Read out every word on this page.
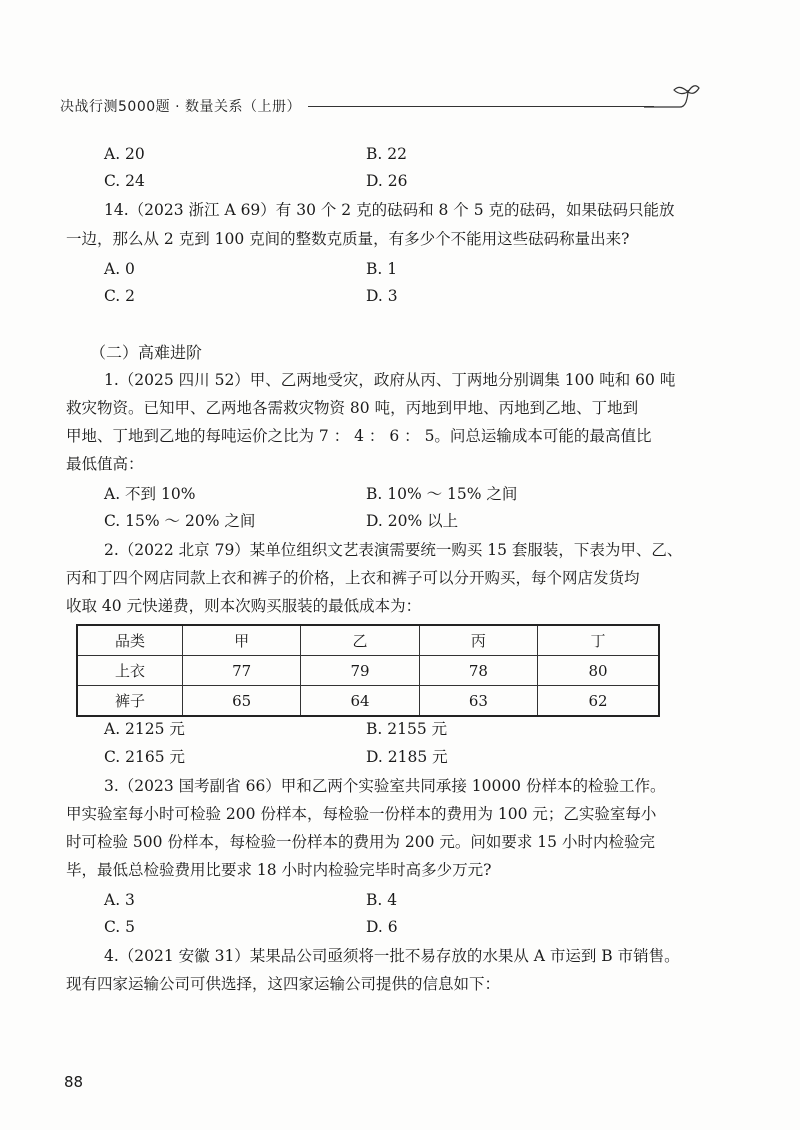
决战行测5000题 · 数量关系（上册）
A. 20	B. 22
C. 24	D. 26
14.（2023 浙江 A 69）有 30 个 2 克的砝码和 8 个 5 克的砝码，如果砝码只能放
一边，那么从 2 克到 100 克间的整数克质量，有多少个不能用这些砝码称量出来?
A. 0	B. 1
C. 2	D. 3
（二）高难进阶
1.（2025 四川 52）甲、乙两地受灾，政府从丙、丁两地分别调集 100 吨和 60 吨
救灾物资。已知甲、乙两地各需救灾物资 80 吨，丙地到甲地、丙地到乙地、丁地到
甲地、丁地到乙地的每吨运价之比为 7 ： 4 ： 6 ： 5。问总运输成本可能的最高值比
最低值高：
A. 不到 10%	B. 10% ～ 15% 之间
C. 15% ～ 20% 之间	D. 20% 以上
2.（2022 北京 79）某单位组织文艺表演需要统一购买 15 套服装，下表为甲、乙、
丙和丁四个网店同款上衣和裤子的价格，上衣和裤子可以分开购买，每个网店发货均
收取 40 元快递费，则本次购买服装的最低成本为：
品类	甲	乙	丙	丁
上衣	77	79	78	80
裤子	65	64	63	62
A. 2125 元	B. 2155 元
C. 2165 元	D. 2185 元
3.（2023 国考副省 66）甲和乙两个实验室共同承接 10000 份样本的检验工作。
甲实验室每小时可检验 200 份样本，每检验一份样本的费用为 100 元；乙实验室每小
时可检验 500 份样本，每检验一份样本的费用为 200 元。问如要求 15 小时内检验完
毕，最低总检验费用比要求 18 小时内检验完毕时高多少万元?
A. 3	B. 4
C. 5	D. 6
4.（2021 安徽 31）某果品公司亟须将一批不易存放的水果从 A 市运到 B 市销售。
现有四家运输公司可供选择，这四家运输公司提供的信息如下：
88
